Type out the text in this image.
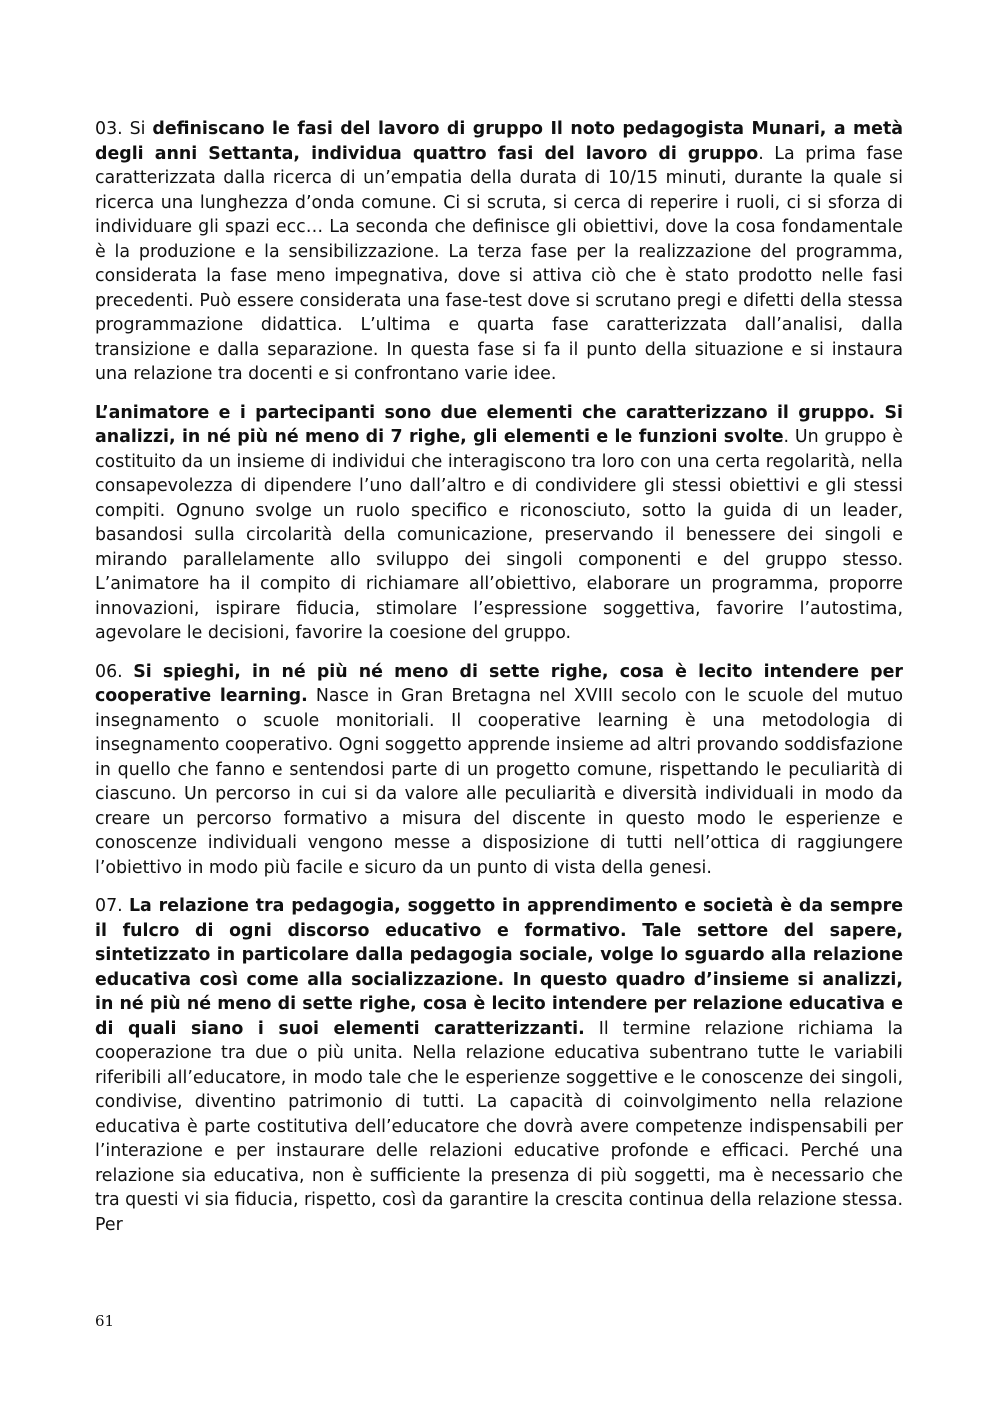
03. Si definiscano le fasi del lavoro di gruppo Il noto pedagogista Munari, a metà degli anni Settanta, individua quattro fasi del lavoro di gruppo. La prima fase caratterizzata dalla ricerca di un’empatia della durata di 10/15 minuti, durante la quale si ricerca una lunghezza d’onda comune. Ci si scruta, si cerca di reperire i ruoli, ci si sforza di individuare gli spazi ecc… La seconda che definisce gli obiettivi, dove la cosa fondamentale è la produzione e la sensibilizzazione. La terza fase per la realizzazione del programma, considerata la fase meno impegnativa, dove si attiva ciò che è stato prodotto nelle fasi precedenti. Può essere considerata una fase-test dove si scrutano pregi e difetti della stessa programmazione didattica. L’ultima e quarta fase caratterizzata dall’analisi, dalla transizione e dalla separazione. In questa fase si fa il punto della situazione e si instaura una relazione tra docenti e si confrontano varie idee.

L’animatore e i partecipanti sono due elementi che caratterizzano il gruppo. Si analizzi, in né più né meno di 7 righe, gli elementi e le funzioni svolte. Un gruppo è costituito da un insieme di individui che interagiscono tra loro con una certa regolarità, nella consapevolezza di dipendere l’uno dall’altro e di condividere gli stessi obiettivi e gli stessi compiti. Ognuno svolge un ruolo specifico e riconosciuto, sotto la guida di un leader, basandosi sulla circolarità della comunicazione, preservando il benessere dei singoli e mirando parallelamente allo sviluppo dei singoli componenti e del gruppo stesso. L’animatore ha il compito di richiamare all’obiettivo, elaborare un programma, proporre innovazioni, ispirare fiducia, stimolare l’espressione soggettiva, favorire l’autostima, agevolare le decisioni, favorire la coesione del gruppo.

06. Si spieghi, in né più né meno di sette righe, cosa è lecito intendere per cooperative learning. Nasce in Gran Bretagna nel XVIII secolo con le scuole del mutuo insegnamento o scuole monitoriali. Il cooperative learning è una metodologia di insegnamento cooperativo. Ogni soggetto apprende insieme ad altri provando soddisfazione in quello che fanno e sentendosi parte di un progetto comune, rispettando le peculiarità di ciascuno. Un percorso in cui si da valore alle peculiarità e diversità individuali in modo da creare un percorso formativo a misura del discente in questo modo le esperienze e conoscenze individuali vengono messe a disposizione di tutti nell’ottica di raggiungere l’obiettivo in modo più facile e sicuro da un punto di vista della genesi.

07. La relazione tra pedagogia, soggetto in apprendimento e società è da sempre il fulcro di ogni discorso educativo e formativo. Tale settore del sapere, sintetizzato in particolare dalla pedagogia sociale, volge lo sguardo alla relazione educativa così come alla socializzazione. In questo quadro d’insieme si analizzi, in né più né meno di sette righe, cosa è lecito intendere per relazione educativa e di quali siano i suoi elementi caratterizzanti. Il termine relazione richiama la cooperazione tra due o più unita. Nella relazione educativa subentrano tutte le variabili riferibili all’educatore, in modo tale che le esperienze soggettive e le conoscenze dei singoli, condivise, diventino patrimonio di tutti. La capacità di coinvolgimento nella relazione educativa è parte costitutiva dell’educatore che dovrà avere competenze indispensabili per l’interazione e per instaurare delle relazioni educative profonde e efficaci. Perché una relazione sia educativa, non è sufficiente la presenza di più soggetti, ma è necessario che tra questi vi sia fiducia, rispetto, così da garantire la crescita continua della relazione stessa. Per

61
